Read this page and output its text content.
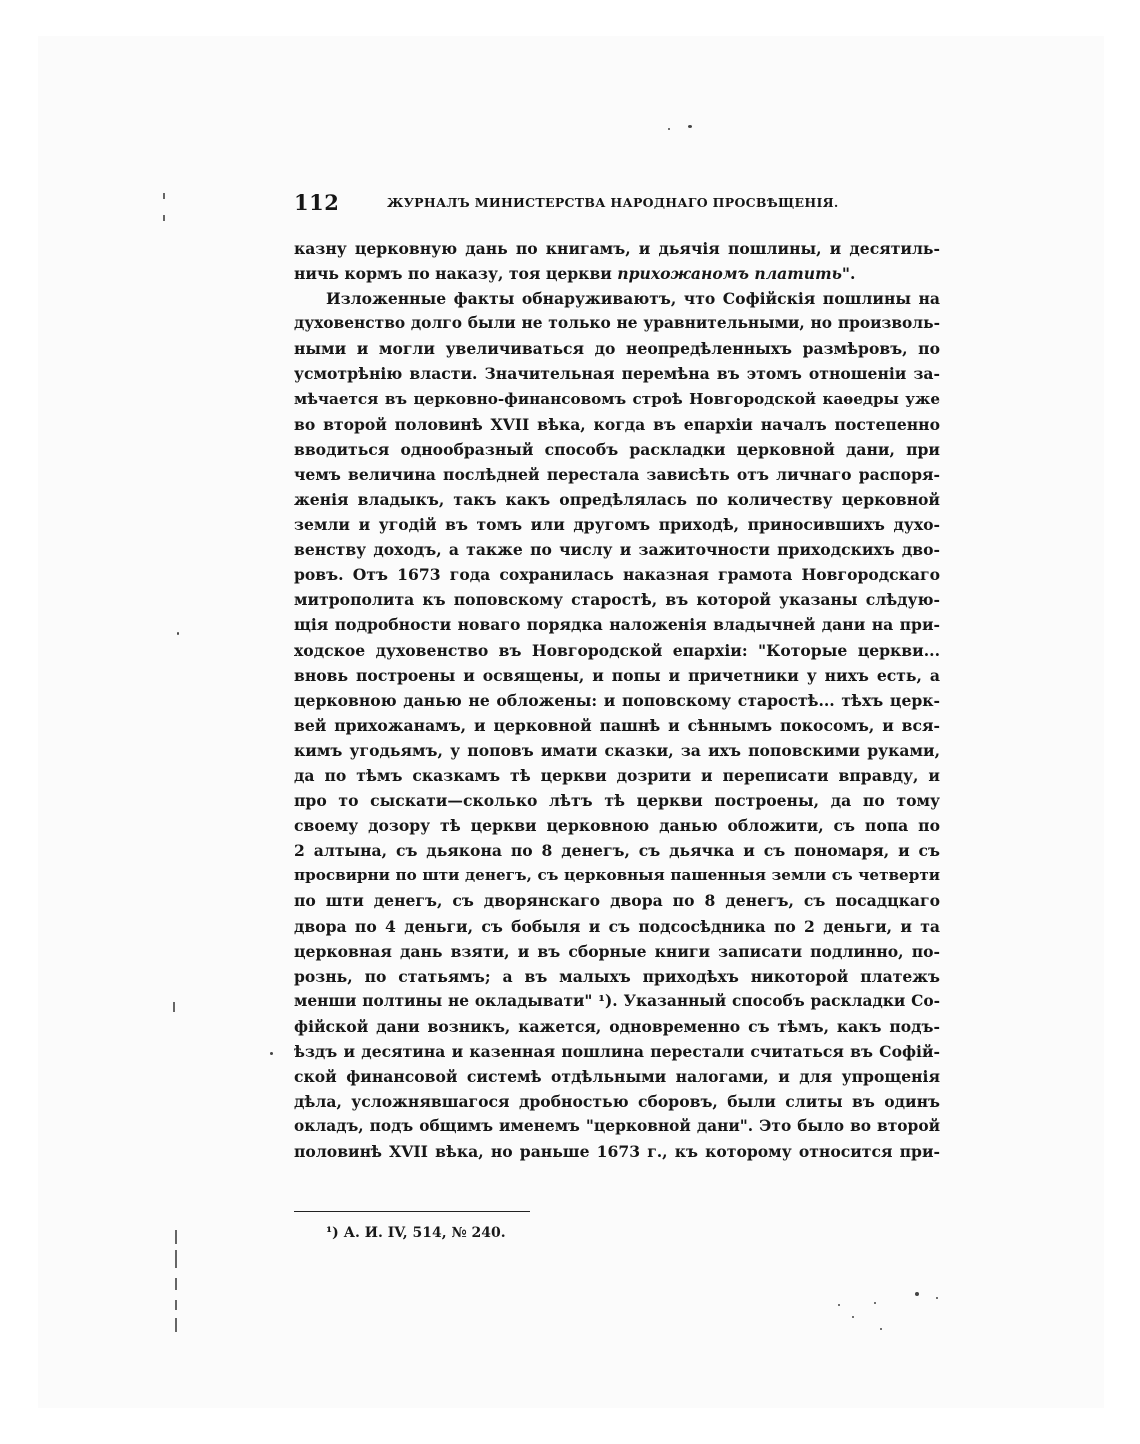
112	ЖУРНАЛЪ МИНИСТЕРСТВА НАРОДНАГО ПРОСВѢЩЕНІЯ.
казну церковную дань по книгамъ, и дьячія пошлины, и десятиль-
ничь кормъ по наказу, тоя церкви прихожаномъ платить".
Изложенные факты обнаруживаютъ, что Софійскія пошлины на
духовенство долго были не только не уравнительными, но произволь-
ными и могли увеличиваться до неопредѣленныхъ размѣровъ, по
усмотрѣнію власти. Значительная перемѣна въ этомъ отношеніи за-
мѣчается въ церковно-финансовомъ строѣ Новгородской каѳедры уже
во второй половинѣ XVII вѣка, когда въ епархіи началъ постепенно
вводиться однообразный способъ раскладки церковной дани, при
чемъ величина послѣдней перестала зависѣть отъ личнаго распоря-
женія владыкъ, такъ какъ опредѣлялась по количеству церковной
земли и угодій въ томъ или другомъ приходѣ, приносившихъ духо-
венству доходъ, а также по числу и зажиточности приходскихъ дво-
ровъ. Отъ 1673 года сохранилась наказная грамота Новгородскаго
митрополита къ поповскому старостѣ, въ которой указаны слѣдую-
щія подробности новаго порядка наложенія владычней дани на при-
ходское духовенство въ Новгородской епархіи: "Которые церкви...
вновь построены и освящены, и попы и причетники у нихъ есть, а
церковною данью не обложены: и поповскому старостѣ... тѣхъ церк-
вей прихожанамъ, и церковной пашнѣ и сѣннымъ покосомъ, и вся-
кимъ угодьямъ, у поповъ имати сказки, за ихъ поповскими руками,
да по тѣмъ сказкамъ тѣ церкви дозрити и переписати вправду, и
про то сыскати—сколько лѣтъ тѣ церкви построены, да по тому
своему дозору тѣ церкви церковною данью обложити, съ попа по
2 алтына, съ дьякона по 8 денегъ, съ дьячка и съ пономаря, и съ
просвирни по шти денегъ, съ церковныя пашенныя земли съ четверти
по шти денегъ, съ дворянскаго двора по 8 денегъ, съ посадцкаго
двора по 4 деньги, съ бобыля и съ подсосѣдника по 2 деньги, и та
церковная дань взяти, и въ сборные книги записати подлинно, по-
рознь, по статьямъ; а въ малыхъ приходѣхъ никоторой платежъ
менши полтины не окладывати" ¹). Указанный способъ раскладки Со-
фійской дани возникъ, кажется, одновременно съ тѣмъ, какъ подъ-
ѣздъ и десятина и казенная пошлина перестали считаться въ Софій-
ской финансовой системѣ отдѣльными налогами, и для упрощенія
дѣла, усложнявшагося дробностью сборовъ, были слиты въ одинъ
окладъ, подъ общимъ именемъ "церковной дани". Это было во второй
половинѣ XVII вѣка, но раньше 1673 г., къ которому относится при-
¹) А. И. IV, 514, № 240.
